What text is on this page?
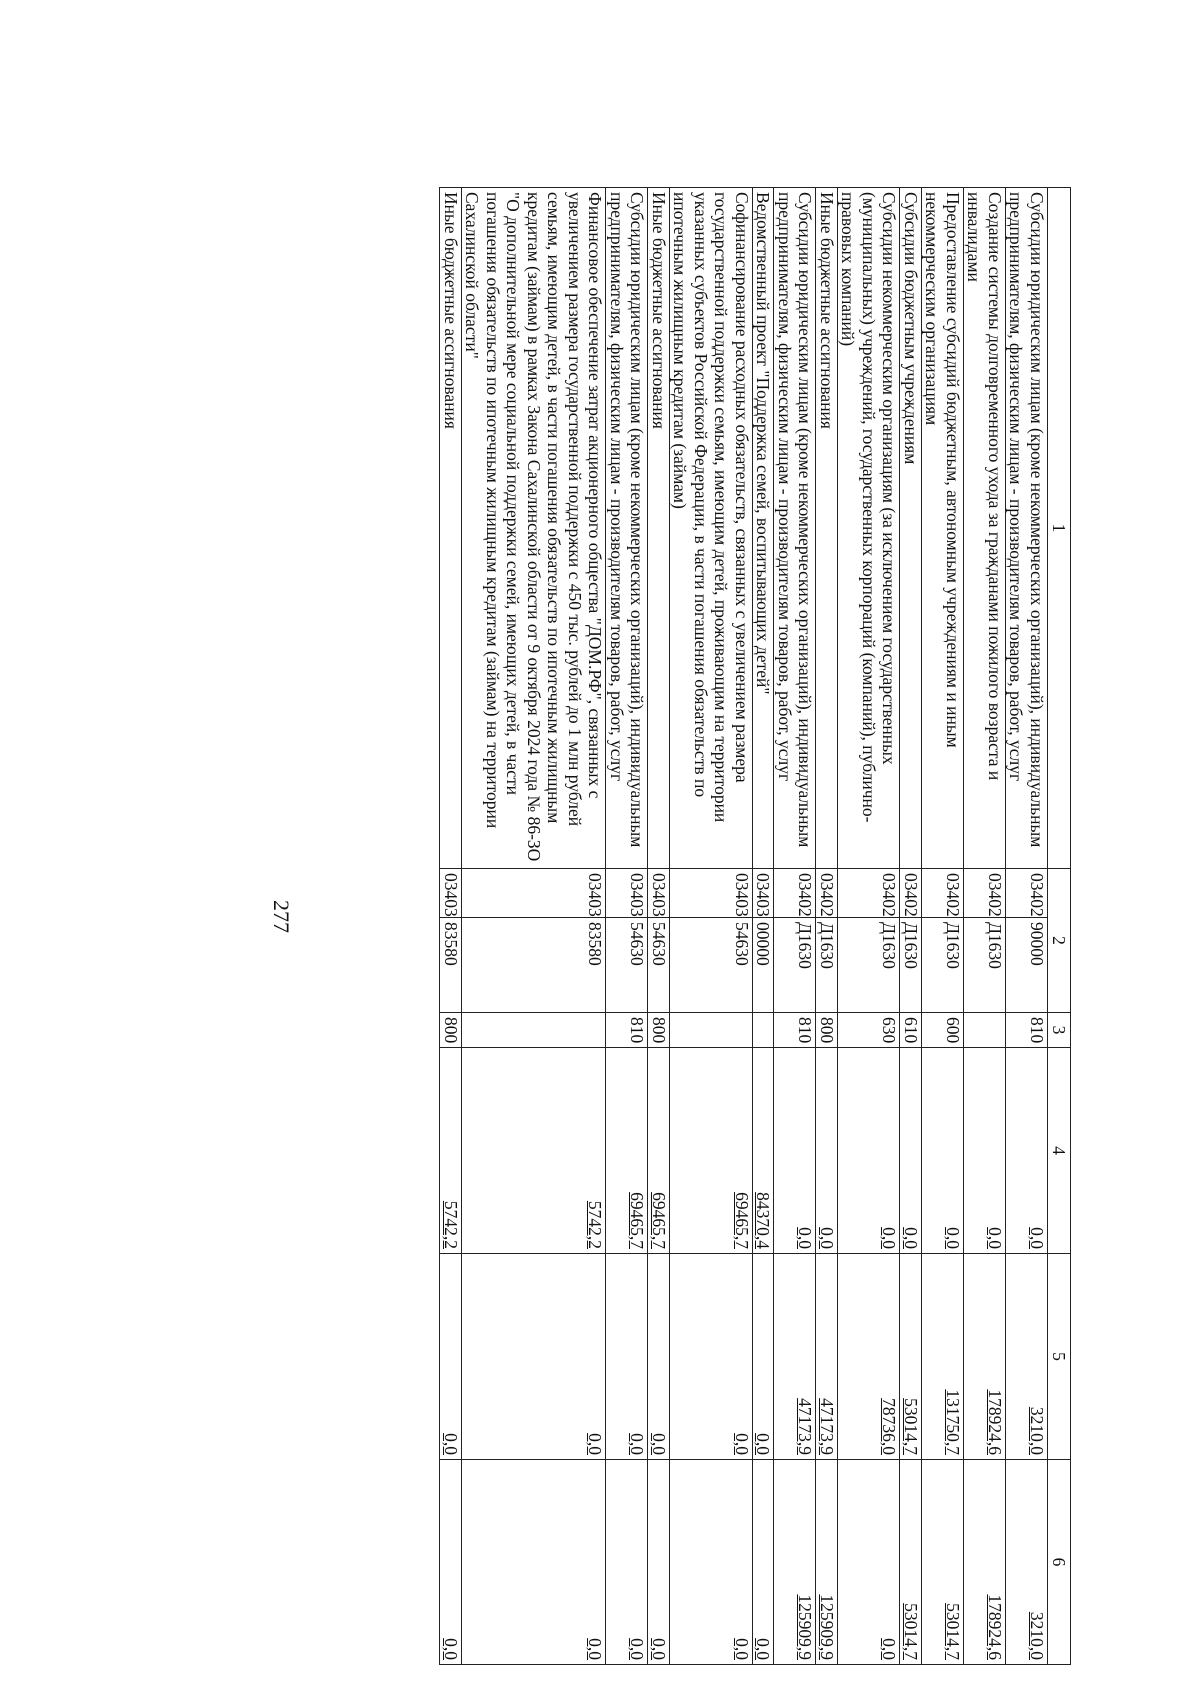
277
1	2		3	4	5	6
Субсидии юридическим лицам (кроме некоммерческих организаций), индивидуальным предпринимателям, физическим лицам - производителям товаров, работ, услуг	03402	90000	810	0,0	3210,0	3210,0
Создание системы долговременного ухода за гражданами пожилого возраста и инвалидами	03402	Д1630		0,0	178924,6	178924,6
Предоставление субсидий бюджетным, автономным учреждениям и иным некоммерческим организациям	03402	Д1630	600	0,0	131750,7	53014,7
Субсидии бюджетным учреждениям	03402	Д1630	610	0,0	53014,7	53014,7
Субсидии некоммерческим организациям (за исключением государственных (муниципальных) учреждений, государственных корпораций (компаний), публично-правовых компаний)	03402	Д1630	630	0,0	78736,0	0,0
Иные бюджетные ассигнования	03402	Д1630	800	0,0	47173,9	125909,9
Субсидии юридическим лицам (кроме некоммерческих организаций), индивидуальным предпринимателям, физическим лицам - производителям товаров, работ, услуг	03402	Д1630	810	0,0	47173,9	125909,9
Ведомственный проект "Поддержка семей, воспитывающих детей"	03403	00000		84370,4	0,0	0,0
Софинансирование расходных обязательств, связанных с увеличением размера государственной поддержки семьям, имеющим детей, проживающим на территории указанных субъектов Российской Федерации, в части погашения обязательств по ипотечным жилищным кредитам (займам)	03403	54630		69465,7	0,0	0,0
Иные бюджетные ассигнования	03403	54630	800	69465,7	0,0	0,0
Субсидии юридическим лицам (кроме некоммерческих организаций), индивидуальным предпринимателям, физическим лицам - производителям товаров, работ, услуг	03403	54630	810	69465,7	0,0	0,0
Финансовое обеспечение затрат акционерного общества "ДОМ.РФ", связанных с увеличением размера государственной поддержки с 450 тыс. рублей до 1 млн рублей семьям, имеющим детей, в части погашения обязательств по ипотечным жилищным кредитам (займам) в рамках Закона Сахалинской области от 9 октября 2024 года № 86-ЗО "О дополнительной мере социальной поддержки семей, имеющих детей, в части погашения обязательств по ипотечным жилищным кредитам (займам) на территории Сахалинской области"	03403	83580		5742,2	0,0	0,0
Иные бюджетные ассигнования	03403	83580	800	5742,2	0,0	0,0
